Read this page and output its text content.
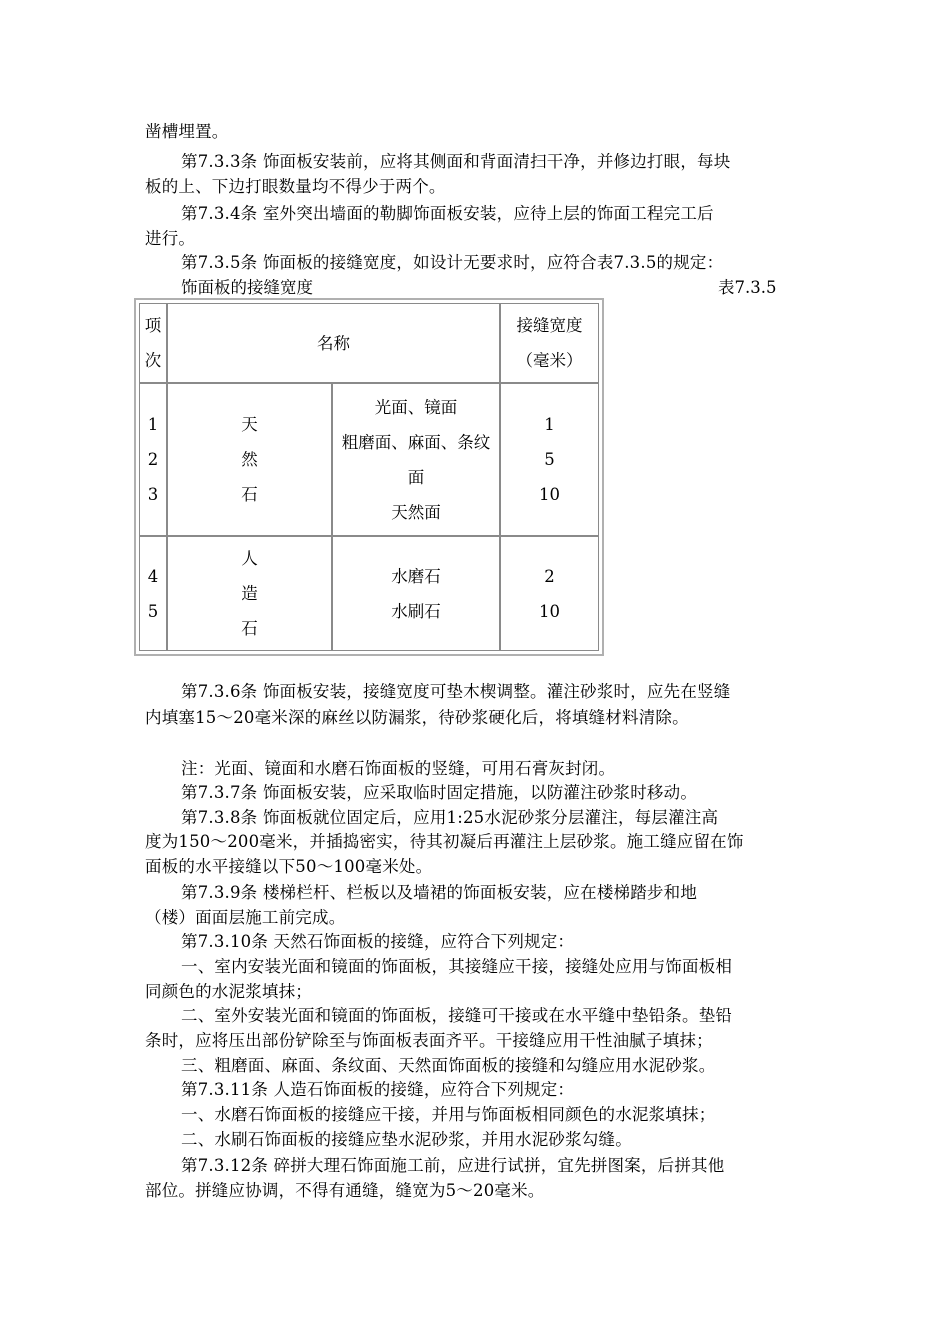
凿槽埋置。
第7.3.3条 饰面板安装前，应将其侧面和背面清扫干净，并修边打眼，每块
板的上、下边打眼数量均不得少于两个。
第7.3.4条 室外突出墙面的勒脚饰面板安装，应待上层的饰面工程完工后
进行。
第7.3.5条 饰面板的接缝宽度，如设计无要求时，应符合表7.3.5的规定：
饰面板的接缝宽度	表7.3.5
项
次
名称
接缝宽度
（毫米）
1
2
3
天
然
石
光面、镜面
粗磨面、麻面、条纹
面
天然面
1
5
10
4
5
人
造
石
水磨石
水刷石
2
10
第7.3.6条 饰面板安装，接缝宽度可垫木楔调整。灌注砂浆时，应先在竖缝
内填塞15～20毫米深的麻丝以防漏浆，待砂浆硬化后，将填缝材料清除。
注：光面、镜面和水磨石饰面板的竖缝，可用石膏灰封闭。
第7.3.7条 饰面板安装，应采取临时固定措施，以防灌注砂浆时移动。
第7.3.8条 饰面板就位固定后，应用1:25水泥砂浆分层灌注，每层灌注高
度为150～200毫米，并插捣密实，待其初凝后再灌注上层砂浆。施工缝应留在饰
面板的水平接缝以下50～100毫米处。
第7.3.9条 楼梯栏杆、栏板以及墙裙的饰面板安装，应在楼梯踏步和地
（楼）面面层施工前完成。
第7.3.10条 天然石饰面板的接缝，应符合下列规定：
一、室内安装光面和镜面的饰面板，其接缝应干接，接缝处应用与饰面板相
同颜色的水泥浆填抹；
二、室外安装光面和镜面的饰面板，接缝可干接或在水平缝中垫铅条。垫铅
条时，应将压出部份铲除至与饰面板表面齐平。干接缝应用干性油腻子填抹；
三、粗磨面、麻面、条纹面、天然面饰面板的接缝和勾缝应用水泥砂浆。
第7.3.11条 人造石饰面板的接缝，应符合下列规定：
一、水磨石饰面板的接缝应干接，并用与饰面板相同颜色的水泥浆填抹；
二、水刷石饰面板的接缝应垫水泥砂浆，并用水泥砂浆勾缝。
第7.3.12条 碎拼大理石饰面施工前，应进行试拼，宜先拼图案，后拼其他
部位。拼缝应协调，不得有通缝，缝宽为5～20毫米。
